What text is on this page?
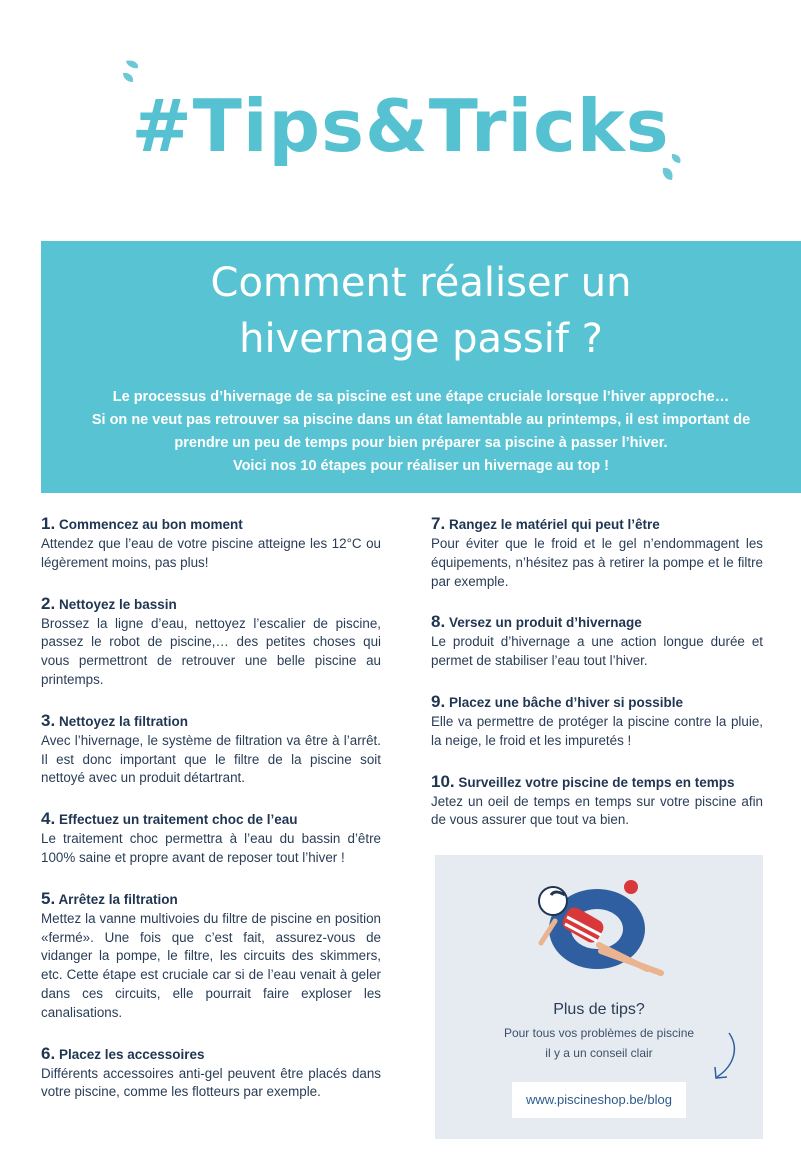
#Tips&Tricks
Comment réaliser un
hivernage passif ?
Le processus d’hivernage de sa piscine est une étape cruciale lorsque l’hiver approche…
Si on ne veut pas retrouver sa piscine dans un état lamentable au printemps, il est important de
prendre un peu de temps pour bien préparer sa piscine à passer l’hiver.
Voici nos 10 étapes pour réaliser un hivernage au top !
1. Commencez au bon moment
Attendez que l’eau de votre piscine atteigne les 12°C ou légèrement moins, pas plus!
2. Nettoyez le bassin
Brossez la ligne d’eau, nettoyez l’escalier de piscine, passez le robot de piscine,… des petites choses qui vous permettront de retrouver une belle piscine au printemps.
3. Nettoyez la filtration
Avec l’hivernage, le système de filtration va être à l’arrêt. Il est donc important que le filtre de la piscine soit nettoyé avec un produit détartrant.
4. Effectuez un traitement choc de l’eau
Le traitement choc permettra à l’eau du bassin d’être 100% saine et propre avant de reposer tout l’hiver !
5. Arrêtez la filtration
Mettez la vanne multivoies du filtre de piscine en position «fermé». Une fois que c’est fait, assurez-vous de vidanger la pompe, le filtre, les circuits des skimmers, etc. Cette étape est cruciale car si de l’eau venait à geler dans ces circuits, elle pourrait faire exploser les canalisations.
6. Placez les accessoires
Différents accessoires anti-gel peuvent être placés dans votre piscine, comme les flotteurs par exemple.
7. Rangez le matériel qui peut l’être
Pour éviter que le froid et le gel n’endommagent les équipements, n’hésitez pas à retirer la pompe et le filtre par exemple.
8. Versez un produit d’hivernage
Le produit d’hivernage a une action longue durée et permet de stabiliser l’eau tout l’hiver.
9. Placez une bâche d’hiver si possible
Elle va permettre de protéger la piscine contre la pluie, la neige, le froid et les impuretés !
10. Surveillez votre piscine de temps en temps
Jetez un oeil de temps en temps sur votre piscine afin de vous assurer que tout va bien.
Plus de tips?
Pour tous vos problèmes de piscine
il y a un conseil clair
www.piscineshop.be/blog
